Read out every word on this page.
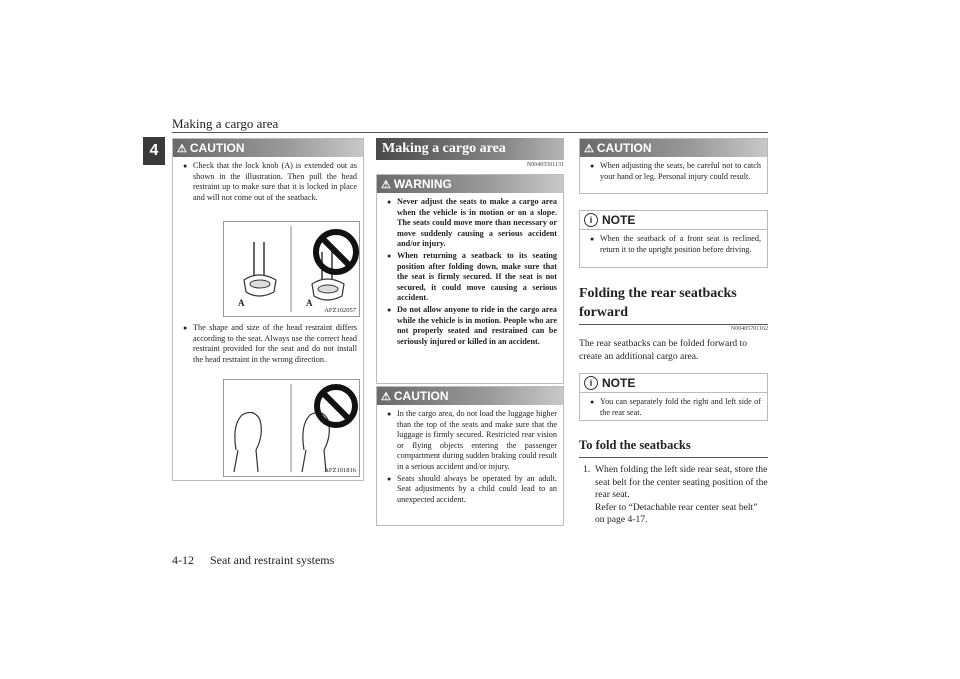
Making a cargo area
4	⚠ CAUTION
● Check that the lock knob (A) is extended out as shown in the illustration. Then pull the head restraint up to make sure that it is locked in place and will not come out of the seatback.
A	A
AFZ102057
● The shape and size of the head restraint differs according to the seat. Always use the correct head restraint provided for the seat and do not install the head restraint in the wrong direction.
AFZ101816
Making a cargo area
N00405501131
⚠ WARNING
● Never adjust the seats to make a cargo area when the vehicle is in motion or on a slope. The seats could move more than necessary or move suddenly causing a serious accident and/or injury.
● When returning a seatback to its seating position after folding down, make sure that the seat is firmly secured. If the seat is not secured, it could move causing a serious accident.
● Do not allow anyone to ride in the cargo area while the vehicle is in motion. People who are not properly seated and restrained can be seriously injured or killed in an accident.
⚠ CAUTION
● In the cargo area, do not load the luggage higher than the top of the seats and make sure that the luggage is firmly secured. Restricted rear vision or flying objects entering the passenger compartment during sudden braking could result in a serious accident and/or injury.
● Seats should always be operated by an adult. Seat adjustments by a child could lead to an unexpected accident.
⚠ CAUTION
● When adjusting the seats, be careful not to catch your hand or leg. Personal injury could result.
i NOTE
● When the seatback of a front seat is reclined, return it to the upright position before driving.
Folding the rear seatbacks forward
N00405701162
The rear seatbacks can be folded forward to create an additional cargo area.
i NOTE
● You can separately fold the right and left side of the rear seat.
To fold the seatbacks
1. When folding the left side rear seat, store the seat belt for the center seating position of the rear seat.
Refer to “Detachable rear center seat belt” on page 4-17.
4-12 Seat and restraint systems
